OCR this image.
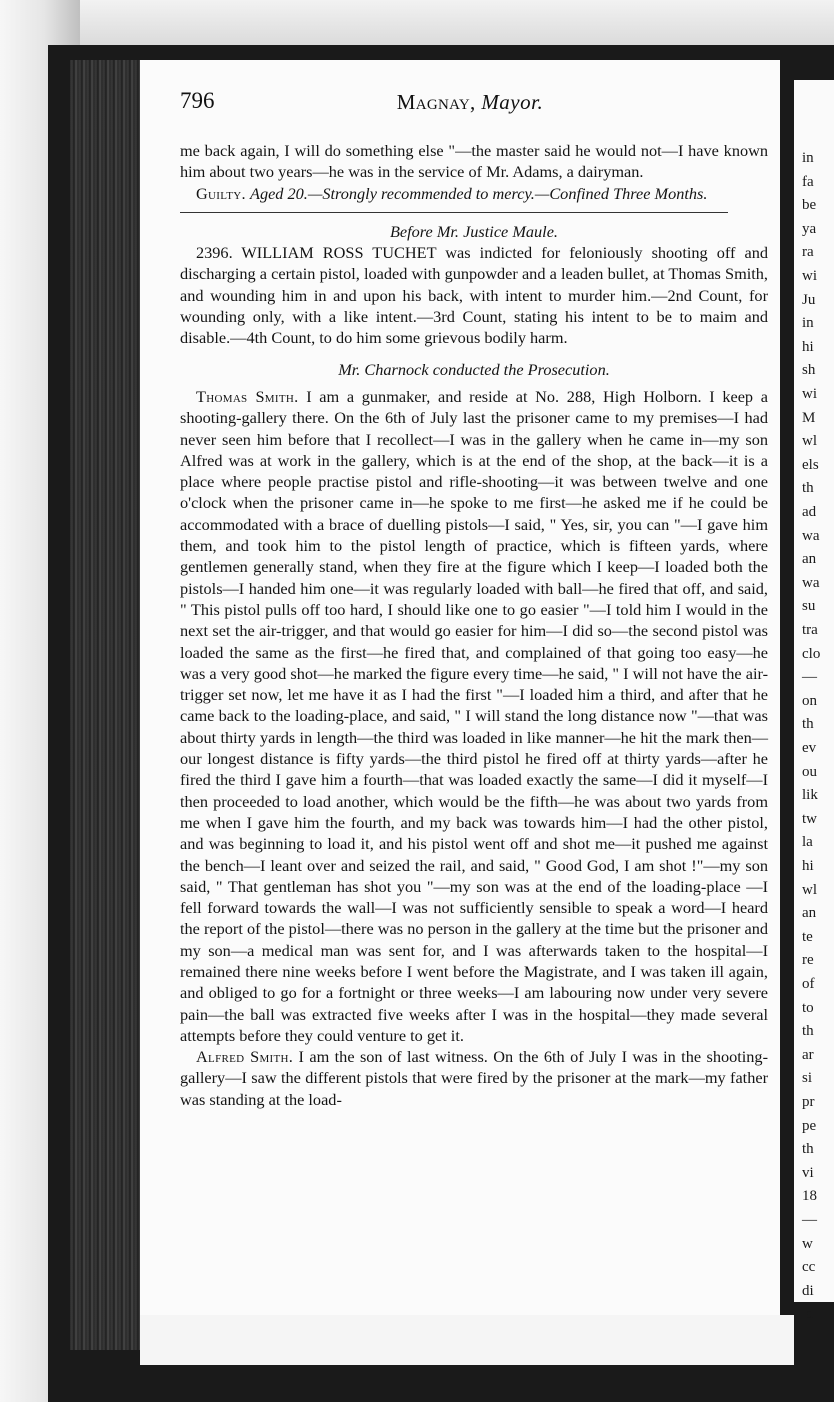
in
fa
be
ya
ra
wi
Ju
in
hi
sh
wi
M
wl
els
th
ad
wa
an
wa
su
tra
clo
—
on
th
ev
ou
lik
tw
la
hi
wl
an
te
re
of
to
th
ar
si
pr
pe
th
vi
18
—
w
cc
di
la
796	Magnay, Mayor.

me back again, I will do something else "—the master said he would not—I have known him about two years—he was in the service of Mr. Adams, a dairyman.

Guilty. Aged 20.—Strongly recommended to mercy.—Confined Three Months.

Before Mr. Justice Maule.

2396. WILLIAM ROSS TUCHET was indicted for feloniously shooting off and discharging a certain pistol, loaded with gunpowder and a leaden bullet, at Thomas Smith, and wounding him in and upon his back, with intent to murder him.—2nd Count, for wounding only, with a like intent.—3rd Count, stating his intent to be to maim and disable.—4th Count, to do him some grievous bodily harm.

Mr. Charnock conducted the Prosecution.

Thomas Smith. I am a gunmaker, and reside at No. 288, High Holborn. I keep a shooting-gallery there. On the 6th of July last the prisoner came to my premises—I had never seen him before that I recollect—I was in the gallery when he came in—my son Alfred was at work in the gallery, which is at the end of the shop, at the back—it is a place where people practise pistol and rifle-shooting—it was between twelve and one o'clock when the prisoner came in—he spoke to me first—he asked me if he could be accommodated with a brace of duelling pistols—I said, " Yes, sir, you can "—I gave him them, and took him to the pistol length of practice, which is fifteen yards, where gentlemen generally stand, when they fire at the figure which I keep—I loaded both the pistols—I handed him one—it was regularly loaded with ball—he fired that off, and said, " This pistol pulls off too hard, I should like one to go easier "—I told him I would in the next set the air-trigger, and that would go easier for him—I did so—the second pistol was loaded the same as the first—he fired that, and complained of that going too easy—he was a very good shot—he marked the figure every time—he said, " I will not have the air-trigger set now, let me have it as I had the first "—I loaded him a third, and after that he came back to the loading-place, and said, " I will stand the long distance now "—that was about thirty yards in length—the third was loaded in like manner—he hit the mark then—our longest distance is fifty yards—the third pistol he fired off at thirty yards—after he fired the third I gave him a fourth—that was loaded exactly the same—I did it myself—I then proceeded to load another, which would be the fifth—he was about two yards from me when I gave him the fourth, and my back was towards him—I had the other pistol, and was beginning to load it, and his pistol went off and shot me—it pushed me against the bench—I leant over and seized the rail, and said, " Good God, I am shot !"—my son said, " That gentleman has shot you "—my son was at the end of the loading-place —I fell forward towards the wall—I was not sufficiently sensible to speak a word—I heard the report of the pistol—there was no person in the gallery at the time but the prisoner and my son—a medical man was sent for, and I was afterwards taken to the hospital—I remained there nine weeks before I went before the Magistrate, and I was taken ill again, and obliged to go for a fortnight or three weeks—I am labouring now under very severe pain—the ball was extracted five weeks after I was in the hospital—they made several attempts before they could venture to get it.

Alfred Smith. I am the son of last witness. On the 6th of July I was in the shooting-gallery—I saw the different pistols that were fired by the prisoner at the mark—my father was standing at the load-
